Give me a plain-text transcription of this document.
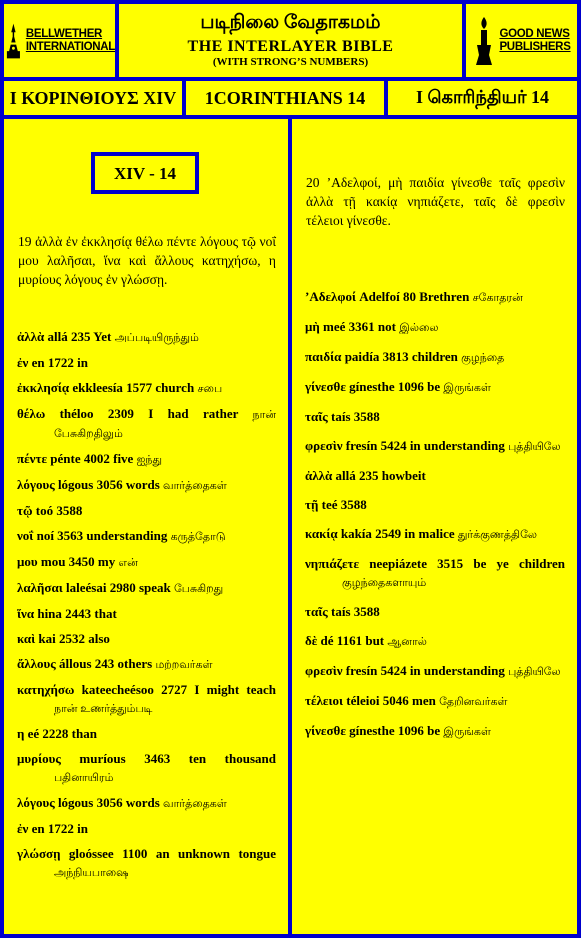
BELLWETHER
INTERNATIONAL
படிநிலை வேதாகமம்
THE INTERLAYER BIBLE
(WITH STRONG’S NUMBERS)
GOOD NEWS
PUBLISHERS
Ι ΚΟΡΙΝΘΙΟΥΣ XIV	1CORINTHIANS 14	I கொரிந்தியர் 14
XIV - 14
19 ἀλλὰ ἐν ἐκκλησίᾳ θέλω πέντε λόγους τῷ νοΐ μου λαλῆσαι, ἵνα καὶ ἄλλους κατηχήσω, η μυρίους λόγους ἐν γλώσσῃ.
ἀλλὰ allá 235 Yet அப்படியிருந்தும்
ἐν en 1722 in
ἐκκλησίᾳ ekkleesía 1577 church சபை
θέλω théloo 2309 I had rather நான் பேசுகிறதிலும்
πέντε pénte 4002 five ஐந்து
λόγους lógous 3056 words வார்த்தைகள்
τῷ toó 3588
νοΐ noí 3563 understanding கருத்தோடு
μου mou 3450 my என்
λαλῆσαι laleésai 2980 speak பேசுகிறது
ἵνα hina 2443 that
καὶ kai 2532 also
ἄλλους állous 243 others மற்றவர்கள்
κατηχήσω kateecheésoo 2727 I might teach நான் உணர்த்தும்படி
η eé 2228 than
μυρίους muríous 3463 ten thousand பதினாயிரம்
λόγους lógous 3056 words வார்த்தைகள்
ἐν en 1722 in
γλώσσῃ gloóssee 1100 an unknown tongue அந்நியபாஷை
20 ’Αδελφοί, μὴ παιδία γίνεσθε ταῖς φρεσὶν ἀλλὰ τῇ κακίᾳ νηπιάζετε, ταῖς δὲ φρεσὶν τέλειοι γίνεσθε.
’Αδελφοί Adelfoí 80 Brethren சகோதரன்
μὴ meé 3361 not இல்லை
παιδία paidía 3813 children குழந்தை
γίνεσθε gínesthe 1096 be இருங்கள்
ταῖς taís 3588
φρεσὶν fresín 5424 in understanding புத்தியிலே
ἀλλὰ allá 235 howbeit
τῇ teé 3588
κακίᾳ kakía 2549 in malice துர்க்குணத்திலே
νηπιάζετε neepiázete 3515 be ye children குழந்தைகளாயும்
ταῖς taís 3588
δὲ dé 1161 but ஆனால்
φρεσὶν fresín 5424 in understanding புத்தியிலே
τέλειοι téleioi 5046 men தேறினவர்கள்
γίνεσθε gínesthe 1096 be இருங்கள்
